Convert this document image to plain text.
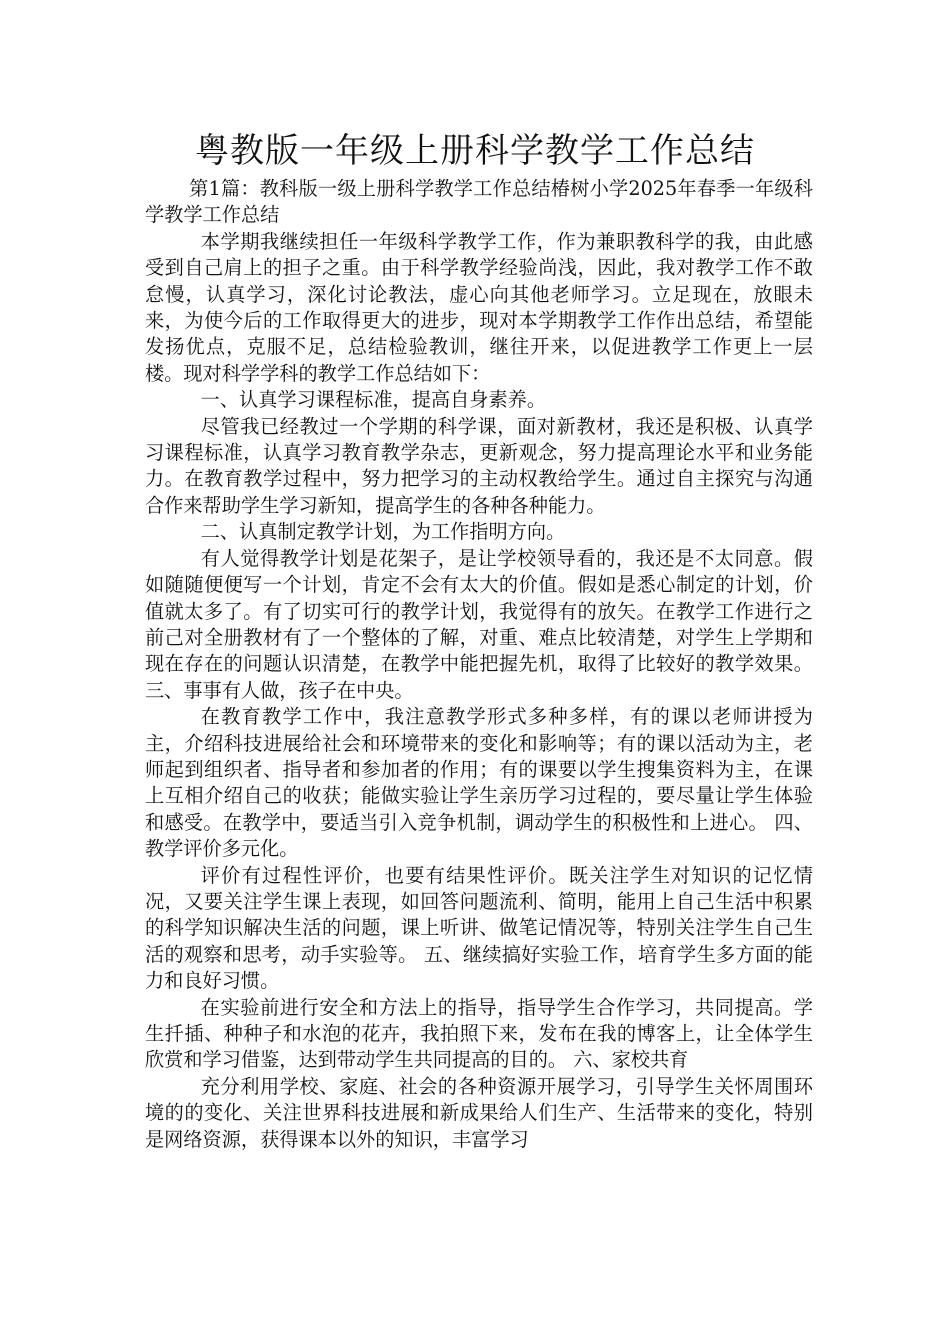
粤教版一年级上册科学教学工作总结

第1篇：教科版一级上册科学教学工作总结椿树小学2025年春季一年级科学教学工作总结

本学期我继续担任一年级科学教学工作，作为兼职教科学的我，由此感受到自己肩上的担子之重。由于科学教学经验尚浅，因此，我对教学工作不敢怠慢，认真学习，深化讨论教法，虚心向其他老师学习。立足现在，放眼未来，为使今后的工作取得更大的进步，现对本学期教学工作作出总结，希望能发扬优点，克服不足，总结检验教训，继往开来，以促进教学工作更上一层楼。现对科学学科的教学工作总结如下：

一、认真学习课程标准，提高自身素养。

尽管我已经教过一个学期的科学课，面对新教材，我还是积极、认真学习课程标准，认真学习教育教学杂志，更新观念，努力提高理论水平和业务能力。在教育教学过程中，努力把学习的主动权教给学生。通过自主探究与沟通合作来帮助学生学习新知，提高学生的各种各种能力。

二、认真制定教学计划，为工作指明方向。

有人觉得教学计划是花架子，是让学校领导看的，我还是不太同意。假如随随便便写一个计划，肯定不会有太大的价值。假如是悉心制定的计划，价值就太多了。有了切实可行的教学计划，我觉得有的放矢。在教学工作进行之前己对全册教材有了一个整体的了解，对重、难点比较清楚，对学生上学期和现在存在的问题认识清楚，在教学中能把握先机，取得了比较好的教学效果。 三、事事有人做，孩子在中央。

在教育教学工作中，我注意教学形式多种多样，有的课以老师讲授为主，介绍科技进展给社会和环境带来的变化和影响等；有的课以活动为主，老师起到组织者、指导者和参加者的作用；有的课要以学生搜集资料为主，在课上互相介绍自己的收获；能做实验让学生亲历学习过程的，要尽量让学生体验和感受。在教学中，要适当引入竞争机制，调动学生的积极性和上进心。 四、教学评价多元化。

评价有过程性评价，也要有结果性评价。既关注学生对知识的记忆情况，又要关注学生课上表现，如回答问题流利、简明，能用上自己生活中积累的科学知识解决生活的问题，课上听讲、做笔记情况等，特别关注学生自己生活的观察和思考，动手实验等。 五、继续搞好实验工作，培育学生多方面的能力和良好习惯。

在实验前进行安全和方法上的指导，指导学生合作学习，共同提高。学生扦插、种种子和水泡的花卉，我拍照下来，发布在我的博客上，让全体学生欣赏和学习借鉴，达到带动学生共同提高的目的。 六、家校共育

充分利用学校、家庭、社会的各种资源开展学习，引导学生关怀周围环境的的变化、关注世界科技进展和新成果给人们生产、生活带来的变化，特别是网络资源，获得课本以外的知识，丰富学习
